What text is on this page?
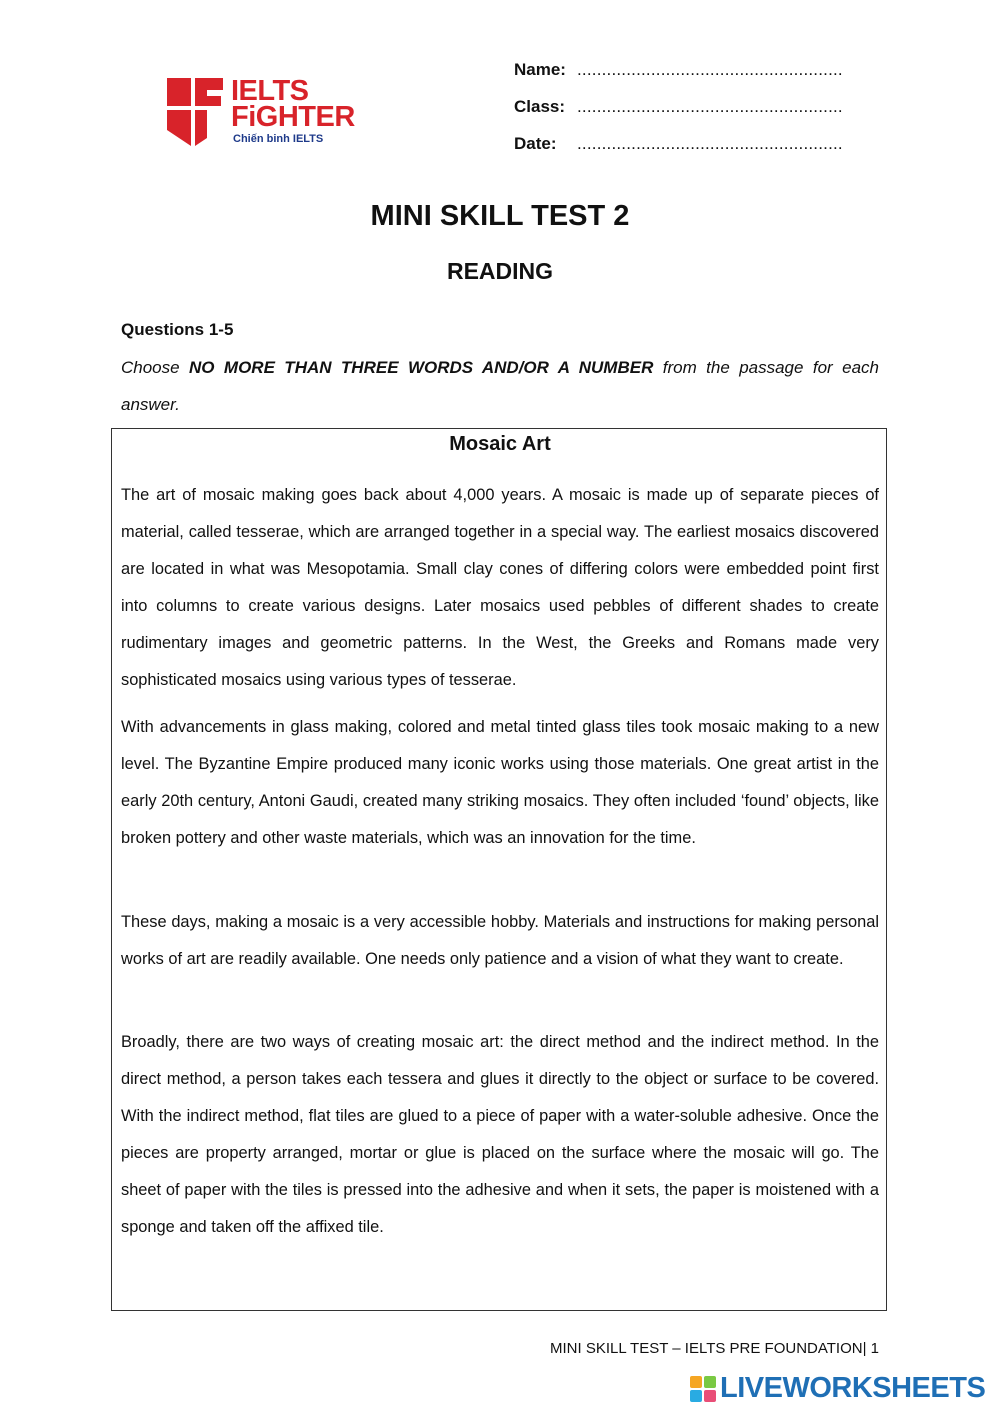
IELTS
FiGHTER
Chiến binh IELTS
Name: ......................................................
Class: ......................................................
Date: ......................................................
MINI SKILL TEST 2
READING
Questions 1-5

Choose NO MORE THAN THREE WORDS AND/OR A NUMBER from the passage for each answer.

Mosaic Art

The art of mosaic making goes back about 4,000 years. A mosaic is made up of separate pieces of material, called tesserae, which are arranged together in a special way. The earliest mosaics discovered are located in what was Mesopotamia. Small clay cones of differing colors were embedded point first into columns to create various designs. Later mosaics used pebbles of different shades to create rudimentary images and geometric patterns. In the West, the Greeks and Romans made very sophisticated mosaics using various types of tesserae.

With advancements in glass making, colored and metal tinted glass tiles took mosaic making to a new level. The Byzantine Empire produced many iconic works using those materials. One great artist in the early 20th century, Antoni Gaudi, created many striking mosaics. They often included ‘found’ objects, like broken pottery and other waste materials, which was an innovation for the time.

These days, making a mosaic is a very accessible hobby. Materials and instructions for making personal works of art are readily available. One needs only patience and a vision of what they want to create.

Broadly, there are two ways of creating mosaic art: the direct method and the indirect method. In the direct method, a person takes each tessera and glues it directly to the object or surface to be covered. With the indirect method, flat tiles are glued to a piece of paper with a water-soluble adhesive. Once the pieces are property arranged, mortar or glue is placed on the surface where the mosaic will go. The sheet of paper with the tiles is pressed into the adhesive and when it sets, the paper is moistened with a sponge and taken off the affixed tile.

MINI SKILL TEST – IELTS PRE FOUNDATION| 1
LIVEWORKSHEETS
